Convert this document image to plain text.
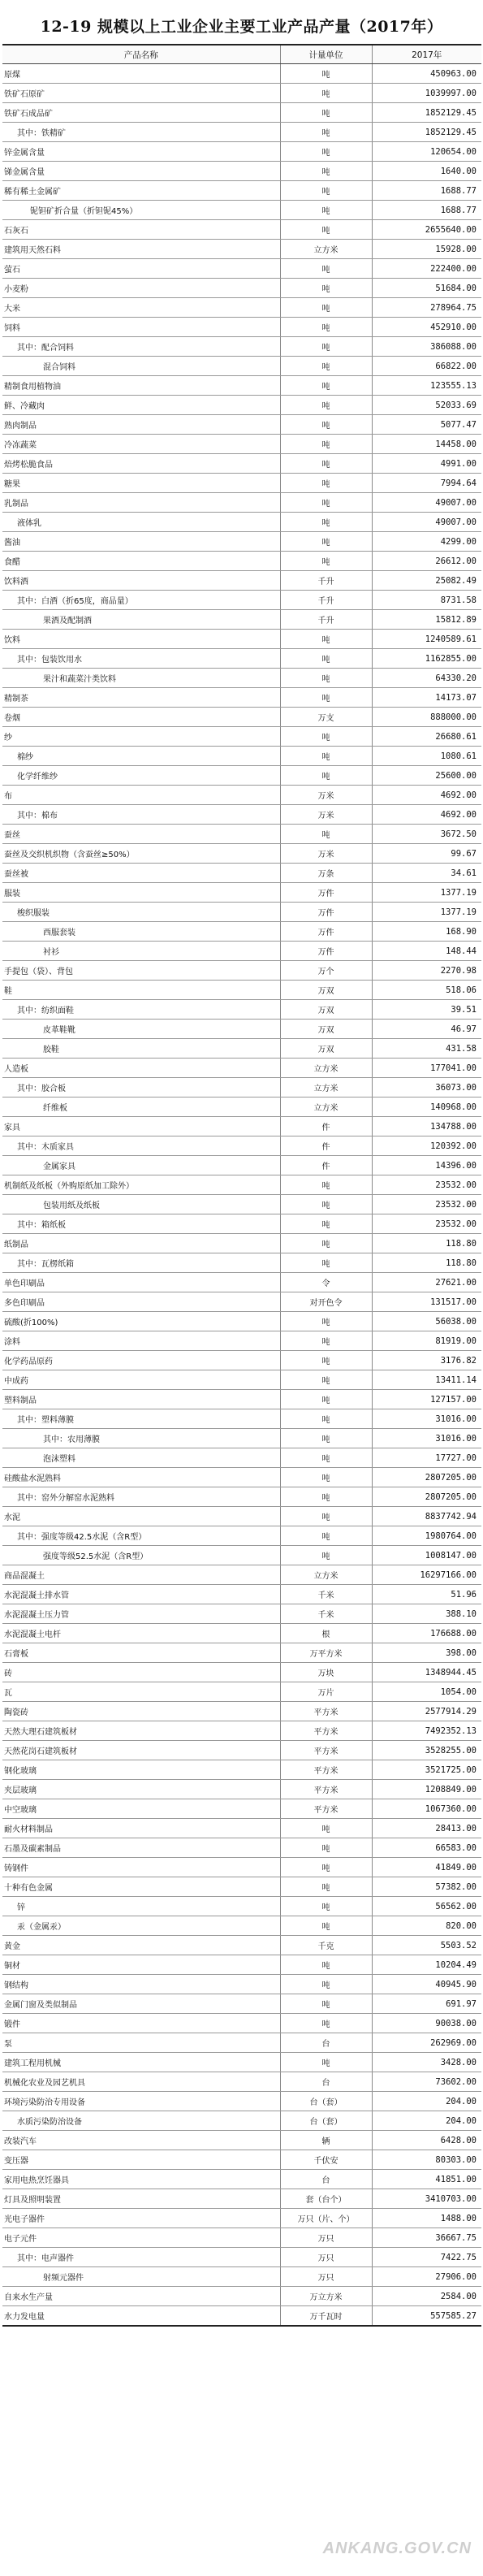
12-19 规模以上工业企业主要工业产品产量（2017年）
产品名称	计量单位	2017年
原煤	吨	450963.00
铁矿石原矿	吨	1039997.00
铁矿石成品矿	吨	1852129.45
其中：铁精矿	吨	1852129.45
锌金属含量	吨	120654.00
锑金属含量	吨	1640.00
稀有稀土金属矿	吨	1688.77
铌钽矿折合量（折钽铌45%）	吨	1688.77
石灰石	吨	2655640.00
建筑用天然石料	立方米	15928.00
萤石	吨	222400.00
小麦粉	吨	51684.00
大米	吨	278964.75
饲料	吨	452910.00
其中：配合饲料	吨	386088.00
混合饲料	吨	66822.00
精制食用植物油	吨	123555.13
鲜、冷藏肉	吨	52033.69
熟肉制品	吨	5077.47
冷冻蔬菜	吨	14458.00
焙烤松脆食品	吨	4991.00
糖果	吨	7994.64
乳制品	吨	49007.00
液体乳	吨	49007.00
酱油	吨	4299.00
食醋	吨	26612.00
饮料酒	千升	25082.49
其中：白酒（折65度，商品量）	千升	8731.58
果酒及配制酒	千升	15812.89
饮料	吨	1240589.61
其中：包装饮用水	吨	1162855.00
果汁和蔬菜汁类饮料	吨	64330.20
精制茶	吨	14173.07
卷烟	万支	888000.00
纱	吨	26680.61
棉纱	吨	1080.61
化学纤维纱	吨	25600.00
布	万米	4692.00
其中：棉布	万米	4692.00
蚕丝	吨	3672.50
蚕丝及交织机织物（含蚕丝≥50%）	万米	99.67
蚕丝被	万条	34.61
服装	万件	1377.19
梭织服装	万件	1377.19
西服套装	万件	168.90
衬衫	万件	148.44
手提包（袋）、背包	万个	2270.98
鞋	万双	518.06
其中：纺织面鞋	万双	39.51
皮革鞋靴	万双	46.97
胶鞋	万双	431.58
人造板	立方米	177041.00
其中：胶合板	立方米	36073.00
纤维板	立方米	140968.00
家具	件	134788.00
其中：木质家具	件	120392.00
金属家具	件	14396.00
机制纸及纸板（外购原纸加工除外）	吨	23532.00
包装用纸及纸板	吨	23532.00
其中：箱纸板	吨	23532.00
纸制品	吨	118.80
其中：瓦楞纸箱	吨	118.80
单色印刷品	令	27621.00
多色印刷品	对开色令	131517.00
硫酸(折100%)	吨	56038.00
涂料	吨	81919.00
化学药品原药	吨	3176.82
中成药	吨	13411.14
塑料制品	吨	127157.00
其中：塑料薄膜	吨	31016.00
其中：农用薄膜	吨	31016.00
泡沫塑料	吨	17727.00
硅酸盐水泥熟料	吨	2807205.00
其中：窑外分解窑水泥熟料	吨	2807205.00
水泥	吨	8837742.94
其中：强度等级42.5水泥（含R型）	吨	1980764.00
强度等级52.5水泥（含R型）	吨	1008147.00
商品混凝土	立方米	16297166.00
水泥混凝土排水管	千米	51.96
水泥混凝土压力管	千米	388.10
水泥混凝土电杆	根	176688.00
石膏板	万平方米	398.00
砖	万块	1348944.45
瓦	万片	1054.00
陶瓷砖	平方米	2577914.29
天然大理石建筑板材	平方米	7492352.13
天然花岗石建筑板材	平方米	3528255.00
钢化玻璃	平方米	3521725.00
夹层玻璃	平方米	1208849.00
中空玻璃	平方米	1067360.00
耐火材料制品	吨	28413.00
石墨及碳素制品	吨	66583.00
铸钢件	吨	41849.00
十种有色金属	吨	57382.00
锌	吨	56562.00
汞（金属汞）	吨	820.00
黄金	千克	5503.52
铜材	吨	10204.49
钢结构	吨	40945.90
金属门窗及类似制品	吨	691.97
锻件	吨	90038.00
泵	台	262969.00
建筑工程用机械	吨	3428.00
机械化农业及园艺机具	台	73602.00
环境污染防治专用设备	台（套）	204.00
水质污染防治设备	台（套）	204.00
改装汽车	辆	6428.00
变压器	千伏安	80303.00
家用电热烹饪器具	台	41851.00
灯具及照明装置	套（台个）	3410703.00
光电子器件	万只（片、个）	1488.00
电子元件	万只	36667.75
其中：电声器件	万只	7422.75
射频元器件	万只	27906.00
自来水生产量	万立方米	2584.00
水力发电量	万千瓦时	557585.27
ANKANG.GOV.CN
